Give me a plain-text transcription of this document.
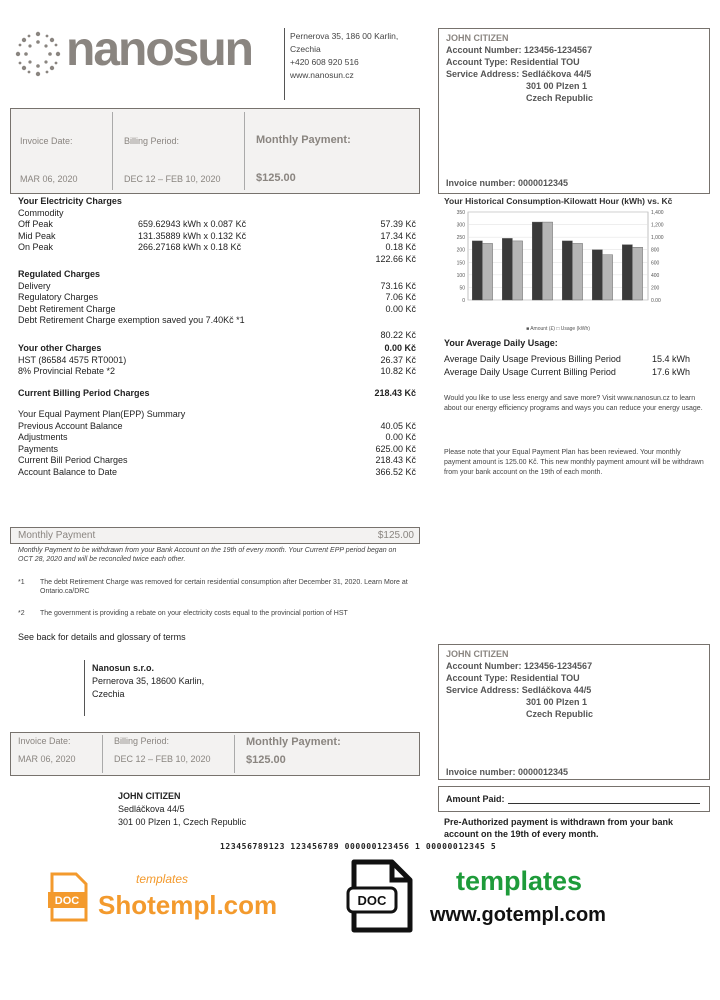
nanosun	Pernerova 35, 186 00 Karlin,
Czechia
+420 608 920 516
www.nanosun.cz
Invoice Date:	Billing Period:	Monthly Payment:
MAR 06, 2020	DEC 12 – FEB 10, 2020	$125.00
JOHN CITIZEN
Account Number: 123456-1234567
Account Type: Residential TOU
Service Address: Sedláčkova 44/5
301 00 Plzen 1
Czech Republic
Invoice number: 0000012345
Your Electricity Charges
Commodity
Off Peak	659.62943 kWh x 0.087 Kč	57.39 Kč
Mid Peak	131.35889 kWh x 0.132 Kč	17.34 Kč
On Peak	266.27168 kWh x 0.18 Kč	0.18 Kč
122.66 Kč
Regulated Charges
Delivery	73.16 Kč
Regulatory Charges	7.06 Kč
Debt Retirement Charge	0.00 Kč
Debt Retirement Charge exemption saved you 7.40Kč *1
80.22 Kč
Your other Charges	0.00 Kč
HST (86584 4575 RT0001)	26.37 Kč
8% Provincial Rebate *2	10.82 Kč
Current Billing Period Charges	218.43 Kč
Your Equal Payment Plan(EPP) Summary
Previous Account Balance	40.05 Kč
Adjustments	0.00 Kč
Payments	625.00 Kč
Current Bill Period Charges	218.43 Kč
Account Balance to Date	366.52 Kč
Monthly Payment	$125.00
Monthly Payment to be withdrawn from your Bank Account on the 19th of every month. Your Current EPP period began on OCT 28, 2020 and will be reconciled twice each other.
*1 The debt Retirement Charge was removed for certain residential consumption after December 31, 2020. Learn More at Ontario.ca/DRC
*2 The government is providing a rebate on your electricity costs equal to the provincial portion of HST
See back for details and glossary of terms
Nanosun s.r.o.
Pernerova 35, 18600 Karlin,
Czechia
Invoice Date:	Billing Period:	Monthly Payment:
MAR 06, 2020	DEC 12 – FEB 10, 2020	$125.00
JOHN CITIZEN
Sedláčkova 44/5
301 00 Plzen 1, Czech Republic
123456789123 123456789 000000123456 1 00000012345 5
Your Historical Consumption-Kilowatt Hour (kWh) vs. Kč
0
50
100
150
200
250
300
350
0.00
200
400
600
800
1,000
1,200
1,400
■ Amount (£) □ Usage (kWh)
Your Average Daily Usage:
Average Daily Usage Previous Billing Period	15.4 kWh
Average Daily Usage Current Billing Period	17.6 kWh
Would you like to use less energy and save more? Visit www.nanosun.cz to learn about our energy efficiency programs and ways you can reduce your energy usage.
Please note that your Equal Payment Plan has been reviewed. Your monthly payment amount is 125.00 Kč. This new monthly payment amount will be withdrawn from your bank account on the 19th of each month.
JOHN CITIZEN
Account Number: 123456-1234567
Account Type: Residential TOU
Service Address: Sedláčkova 44/5
301 00 Plzen 1
Czech Republic
Invoice number: 0000012345
Amount Paid:
Pre-Authorized payment is withdrawn from your bank account on the 19th of every month.
DOC
templates
Shotempl.com	DOC
templates
www.gotempl.com
